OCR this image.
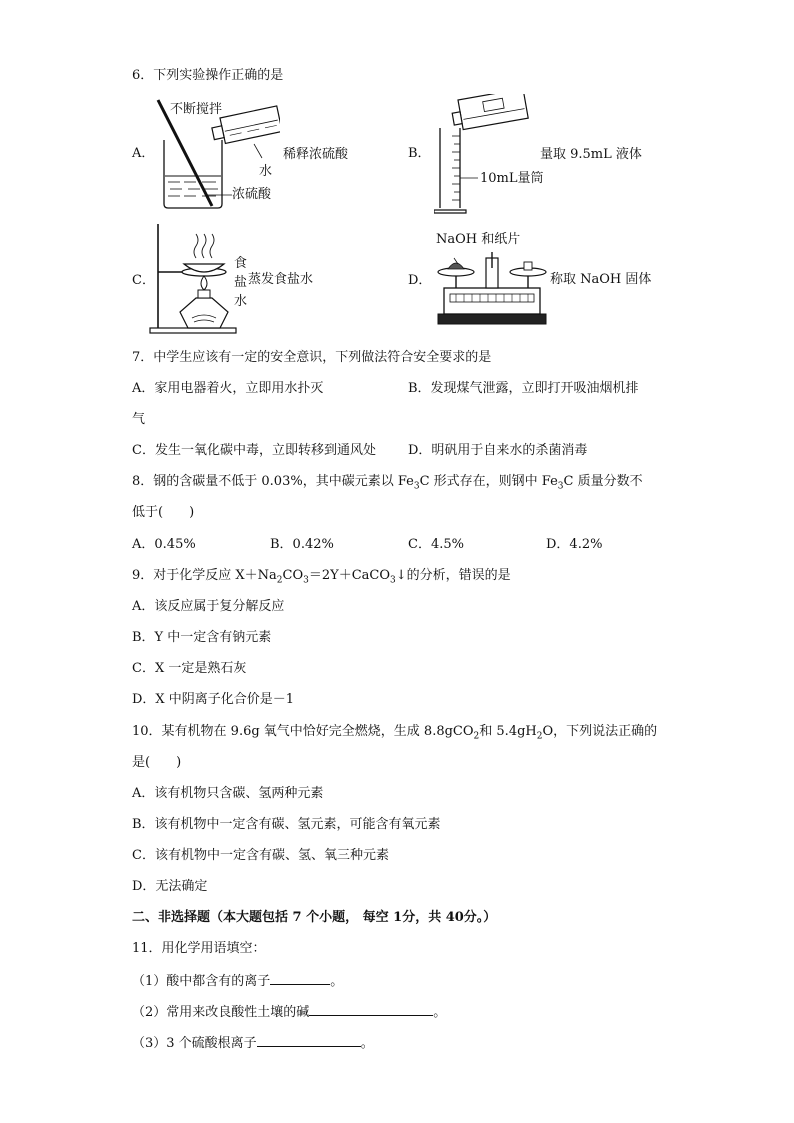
6．下列实验操作正确的是
A．
不断搅拌
水
浓硫酸
稀释浓硫酸	B．
10mL量筒
量取 9.5mL 液体
C．
食
盐
水
蒸发食盐水	D．
NaOH 和纸片
称取 NaOH 固体
7．中学生应该有一定的安全意识，下列做法符合安全要求的是
A．家用电器着火，立即用水扑灭	B．发现煤气泄露，立即打开吸油烟机排
气
C．发生一氧化碳中毒，立即转移到通风处 D．明矾用于自来水的杀菌消毒
8．钢的含碳量不低于 0.03%，其中碳元素以 $Fe_3C$ 形式存在，则钢中 $Fe_3C$ 质量分数不
低于(　　)
A．0.45%	B．0.42%	C．4.5%	D．4.2%
9．对于化学反应 $X+Na_2CO_3=2Y+CaCO_3↓$的分析，错误的是
A．该反应属于复分解反应
B．Y 中一定含有钠元素
C．X 一定是熟石灰
D．X 中阴离子化合价是－1
10．某有机物在 9.6g 氧气中恰好完全燃烧，生成 8.8gCO$_2$和 $5.4gH_2O$，下列说法正确的
是(　　)
A．该有机物只含碳、氢两种元素
B．该有机物中一定含有碳、氢元素，可能含有氧元素
C．该有机物中一定含有碳、氢、氧三种元素
D．无法确定
二、非选择题（本大题包括 7 个小题， 每空 1分，共 40分。）
11．用化学用语填空：
（1）酸中都含有的离子	。
（2）常用来改良酸性土壤的碱	。
（3）3 个硫酸根离子	。
